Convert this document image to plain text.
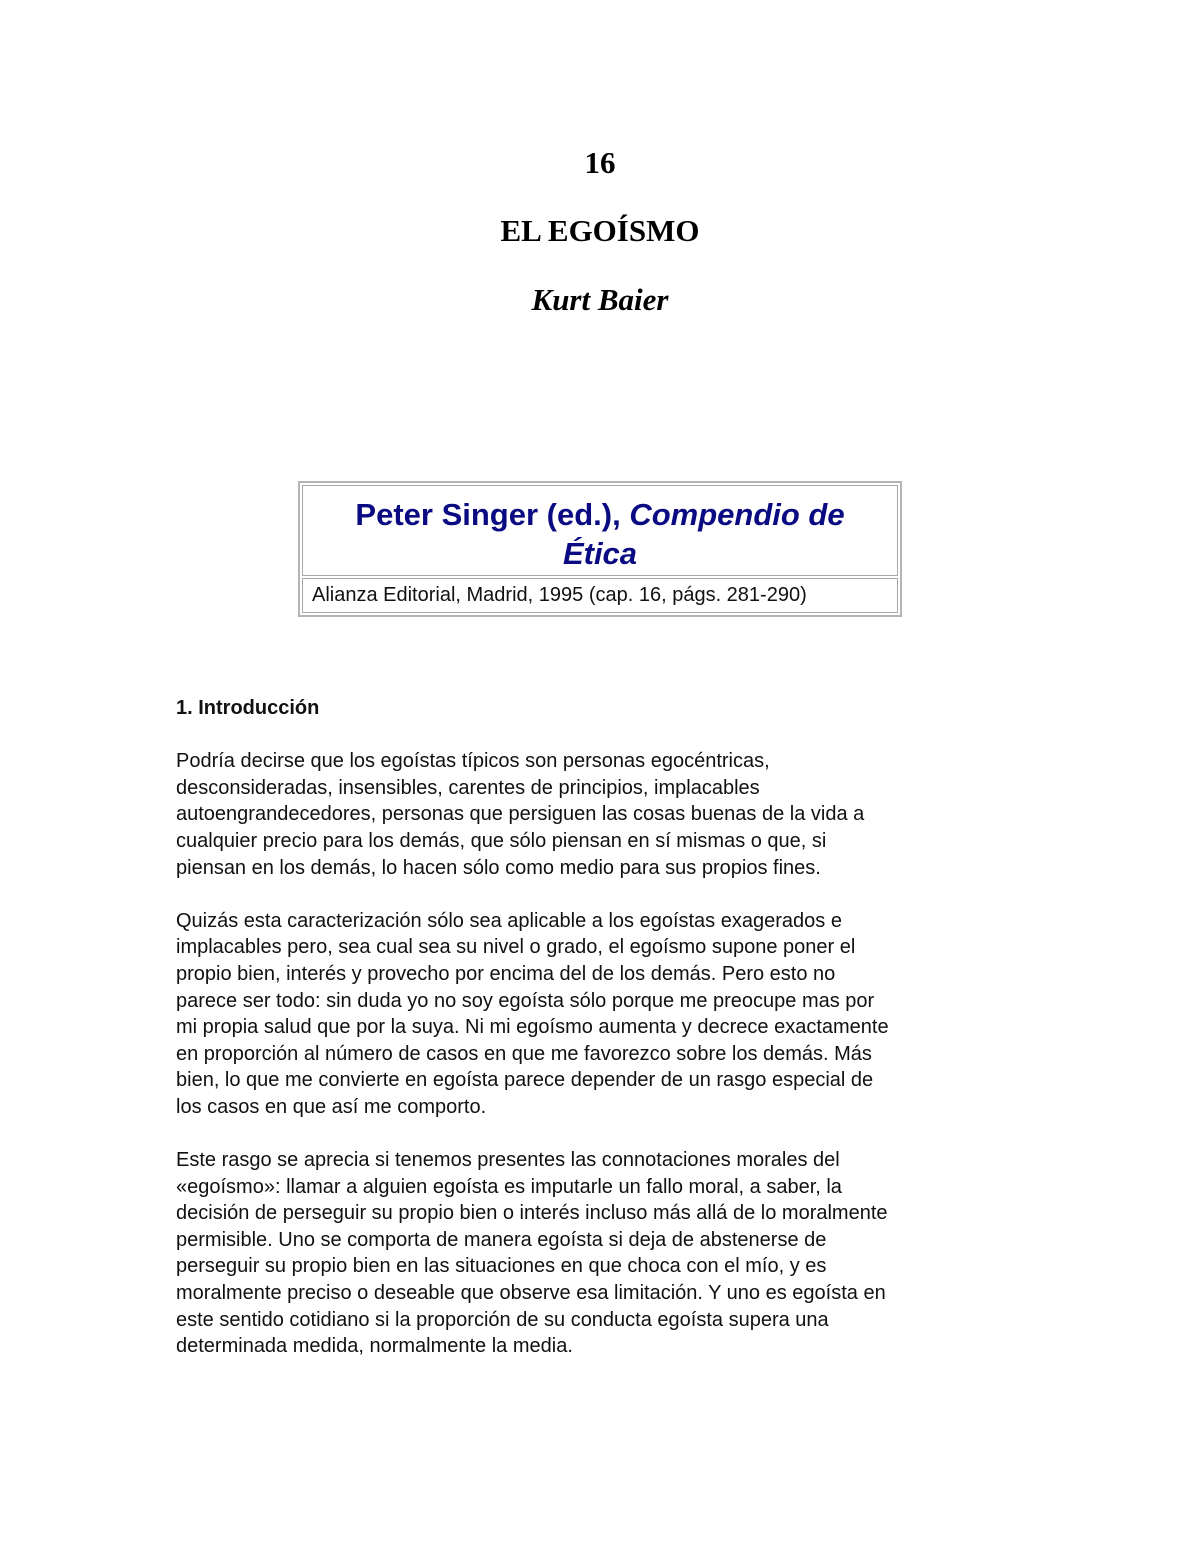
16
EL EGOÍSMO
Kurt Baier
Peter Singer (ed.), Compendio de
Ética
Alianza Editorial, Madrid, 1995 (cap. 16, págs. 281-290)
1. Introducción
Podría decirse que los egoístas típicos son personas egocéntricas,
desconsideradas, insensibles, carentes de principios, implacables
autoengrandecedores, personas que persiguen las cosas buenas de la vida a
cualquier precio para los demás, que sólo piensan en sí mismas o que, si
piensan en los demás, lo hacen sólo como medio para sus propios fines.
Quizás esta caracterización sólo sea aplicable a los egoístas exagerados e
implacables pero, sea cual sea su nivel o grado, el egoísmo supone poner el
propio bien, interés y provecho por encima del de los demás. Pero esto no
parece ser todo: sin duda yo no soy egoísta sólo porque me preocupe mas por
mi propia salud que por la suya. Ni mi egoísmo aumenta y decrece exactamente
en proporción al número de casos en que me favorezco sobre los demás. Más
bien, lo que me convierte en egoísta parece depender de un rasgo especial de
los casos en que así me comporto.
Este rasgo se aprecia si tenemos presentes las connotaciones morales del
«egoísmo»: llamar a alguien egoísta es imputarle un fallo moral, a saber, la
decisión de perseguir su propio bien o interés incluso más allá de lo moralmente
permisible. Uno se comporta de manera egoísta si deja de abstenerse de
perseguir su propio bien en las situaciones en que choca con el mío, y es
moralmente preciso o deseable que observe esa limitación. Y uno es egoísta en
este sentido cotidiano si la proporción de su conducta egoísta supera una
determinada medida, normalmente la media.
